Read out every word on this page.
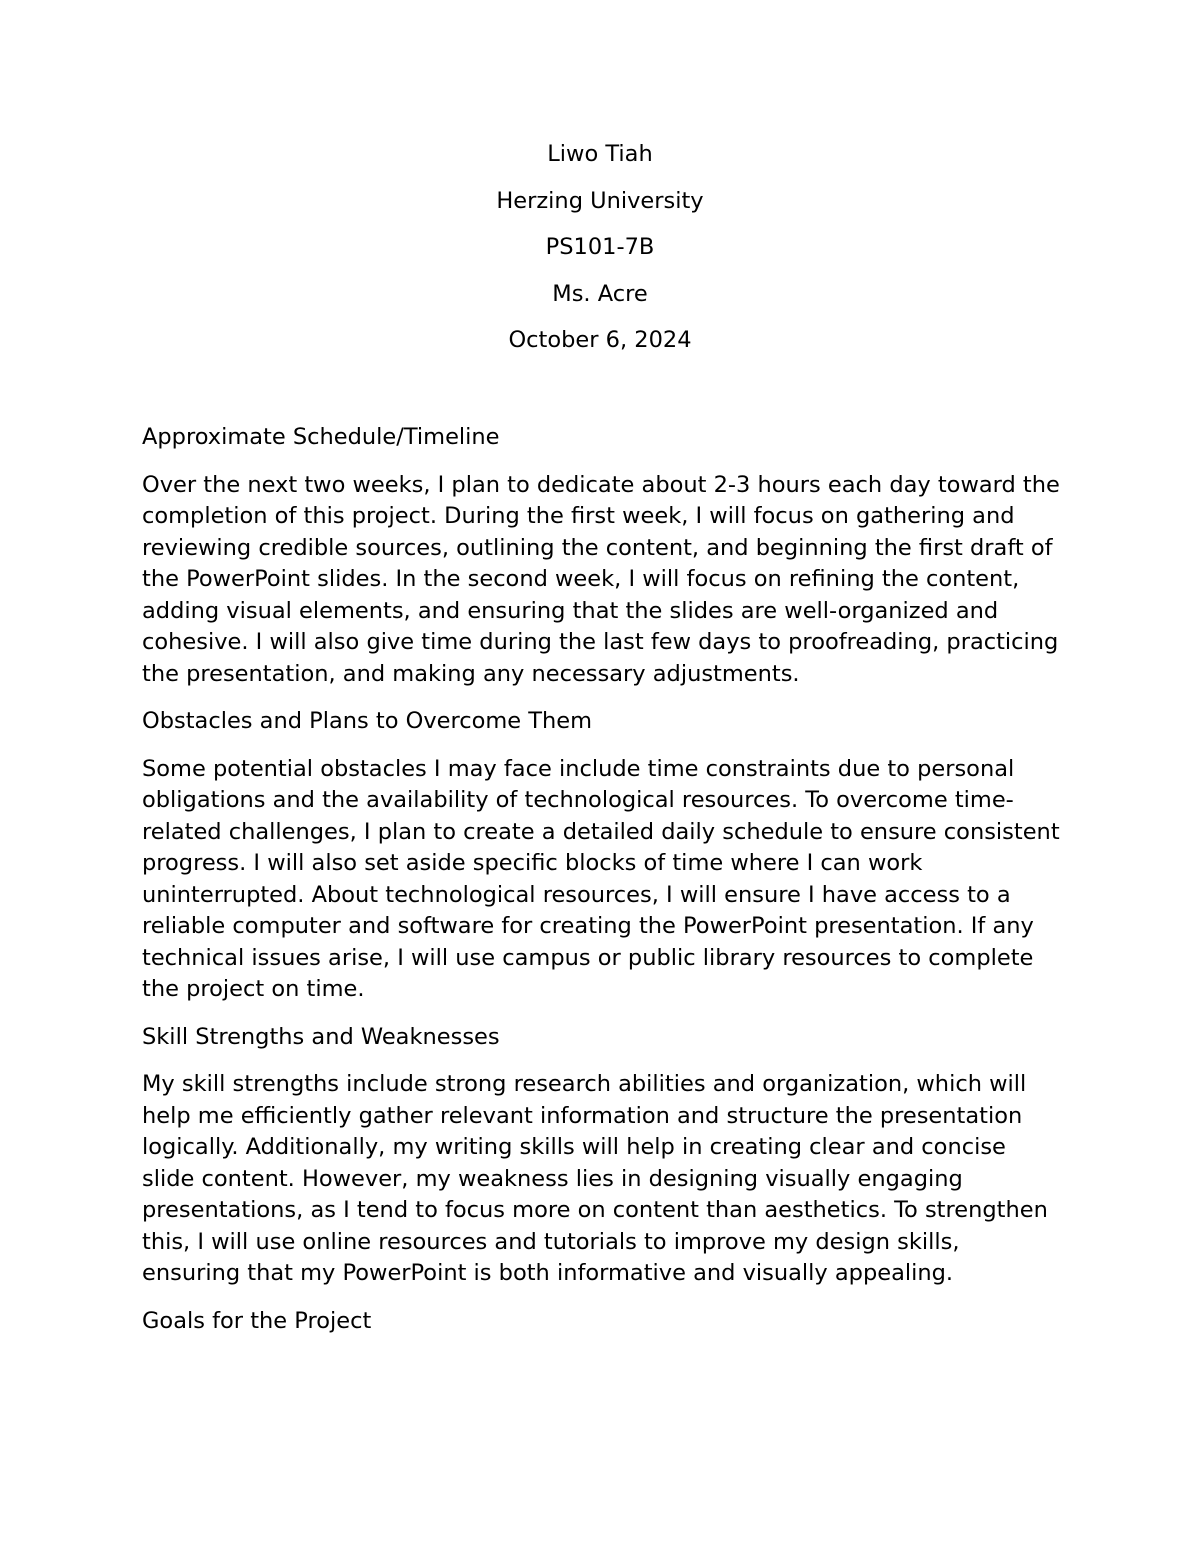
Liwo Tiah
Herzing University
PS101-7B
Ms. Acre
October 6, 2024
Approximate Schedule/Timeline
Over the next two weeks, I plan to dedicate about 2-3 hours each day toward the completion of this project. During the first week, I will focus on gathering and reviewing credible sources, outlining the content, and beginning the first draft of the PowerPoint slides. In the second week, I will focus on refining the content, adding visual elements, and ensuring that the slides are well-organized and cohesive. I will also give time during the last few days to proofreading, practicing the presentation, and making any necessary adjustments.
Obstacles and Plans to Overcome Them
Some potential obstacles I may face include time constraints due to personal obligations and the availability of technological resources. To overcome time-related challenges, I plan to create a detailed daily schedule to ensure consistent progress. I will also set aside specific blocks of time where I can work uninterrupted. About technological resources, I will ensure I have access to a reliable computer and software for creating the PowerPoint presentation. If any technical issues arise, I will use campus or public library resources to complete the project on time.
Skill Strengths and Weaknesses
My skill strengths include strong research abilities and organization, which will help me efficiently gather relevant information and structure the presentation logically. Additionally, my writing skills will help in creating clear and concise slide content. However, my weakness lies in designing visually engaging presentations, as I tend to focus more on content than aesthetics. To strengthen this, I will use online resources and tutorials to improve my design skills, ensuring that my PowerPoint is both informative and visually appealing.
Goals for the Project
